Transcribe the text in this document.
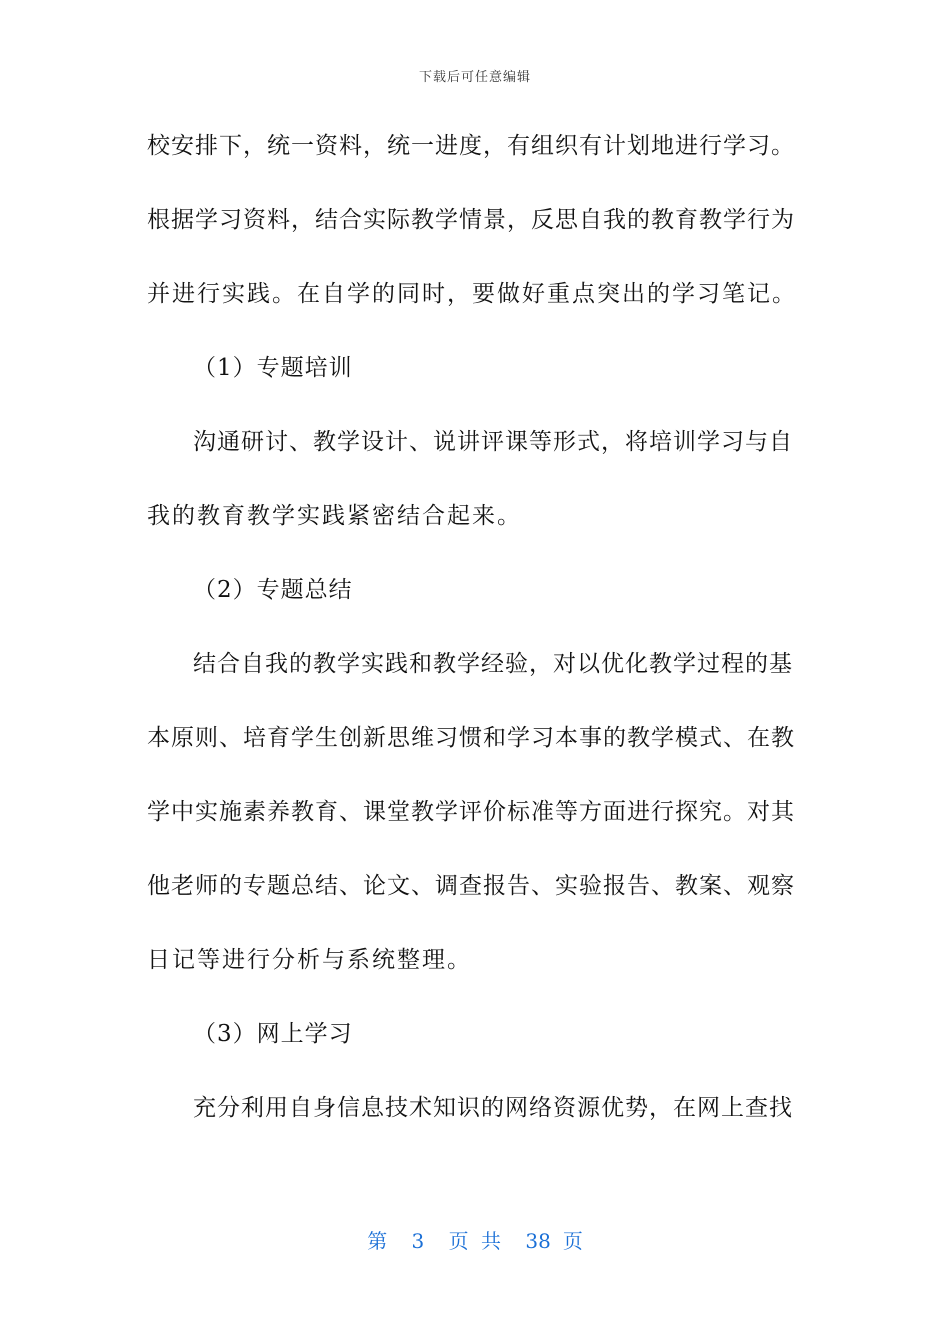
下载后可任意编辑
校安排下，统一资料，统一进度，有组织有计划地进行学习。
根据学习资料，结合实际教学情景，反思自我的教育教学行为
并进行实践。在自学的同时，要做好重点突出的学习笔记。
（1）专题培训
沟通研讨、教学设计、说讲评课等形式，将培训学习与自
我的教育教学实践紧密结合起来。
（2）专题总结
结合自我的教学实践和教学经验，对以优化教学过程的基
本原则、培育学生创新思维习惯和学习本事的教学模式、在教
学中实施素养教育、课堂教学评价标准等方面进行探究。对其
他老师的专题总结、论文、调查报告、实验报告、教案、观察
日记等进行分析与系统整理。
（3）网上学习
充分利用自身信息技术知识的网络资源优势，在网上查找
第 3 页 共 38 页
